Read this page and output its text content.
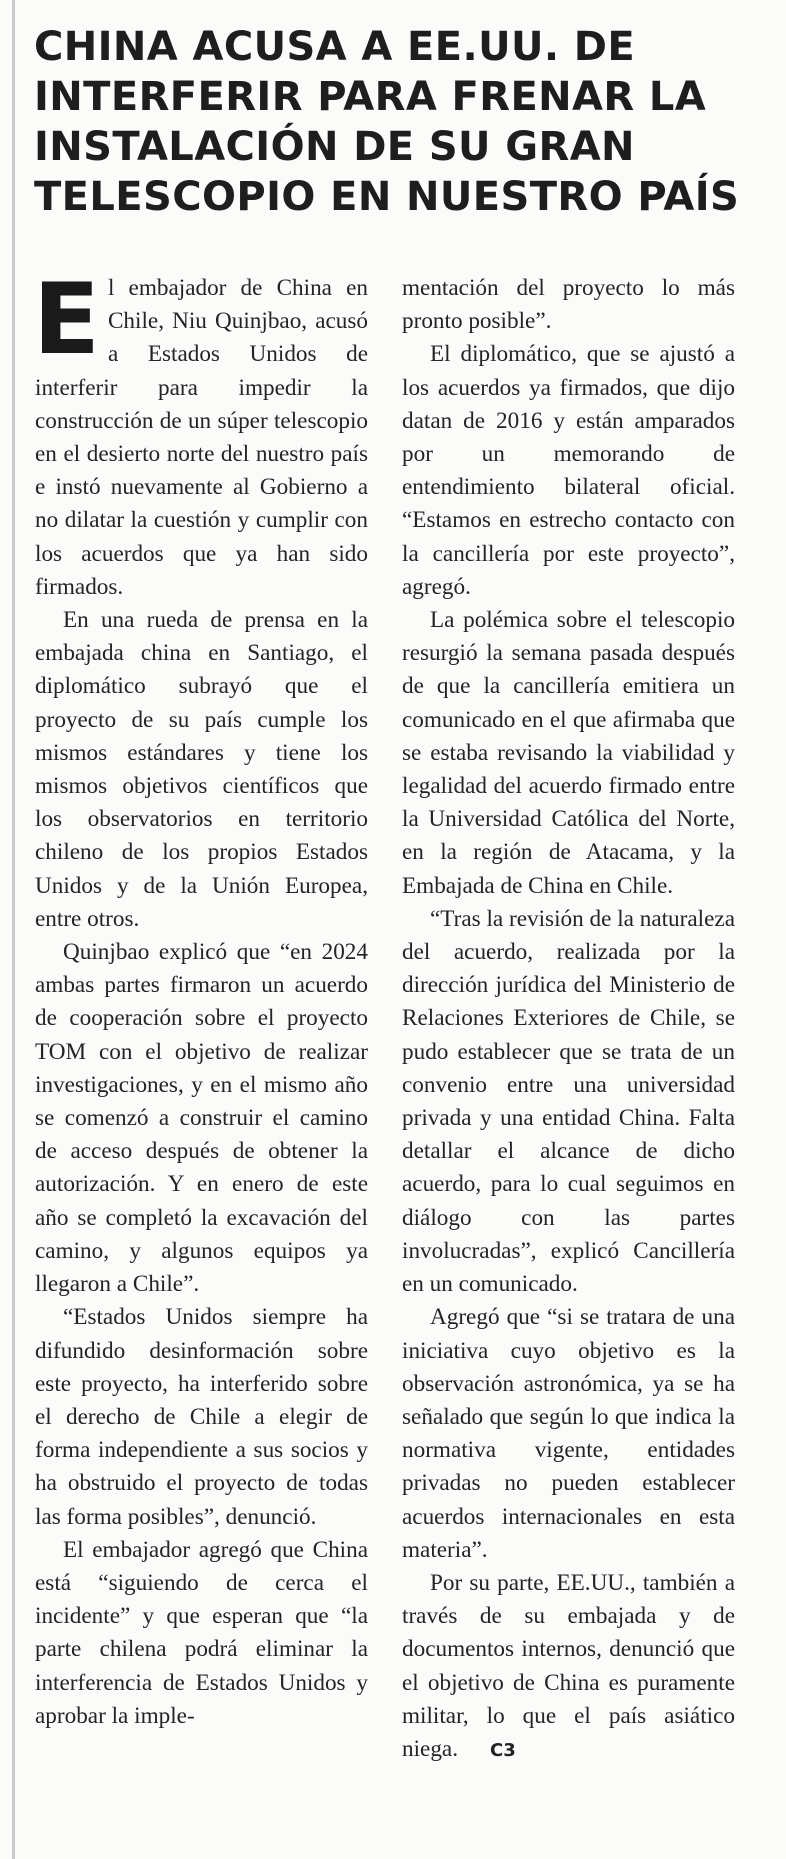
CHINA ACUSA A EE.UU. DE
INTERFERIR PARA FRENAR LA
INSTALACIÓN DE SU GRAN
TELESCOPIO EN NUESTRO PAÍS

El embajador de China en Chile, Niu Quinjbao, acusó a Estados Unidos de interferir para impedir la construcción de un súper telescopio en el desierto norte del nuestro país e instó nuevamente al Gobierno a no dilatar la cuestión y cumplir con los acuerdos que ya han sido firmados.

En una rueda de prensa en la embajada china en Santiago, el diplomático subrayó que el proyecto de su país cumple los mismos estándares y tiene los mismos objetivos científicos que los observatorios en territorio chileno de los propios Estados Unidos y de la Unión Europea, entre otros.

Quinjbao explicó que “en 2024 ambas partes firmaron un acuerdo de cooperación sobre el proyecto TOM con el objetivo de realizar investigaciones, y en el mismo año se comenzó a construir el camino de acceso después de obtener la autorización. Y en enero de este año se completó la excavación del camino, y algunos equipos ya llegaron a Chile”.

“Estados Unidos siempre ha difundido desinformación sobre este proyecto, ha interferido sobre el derecho de Chile a elegir de forma independiente a sus socios y ha obstruido el proyecto de todas las forma posibles”, denunció.

El embajador agregó que China está “siguiendo de cerca el incidente” y que esperan que “la parte chilena podrá eliminar la interferencia de Estados Unidos y aprobar la imple-

mentación del proyecto lo más pronto posible”.

El diplomático, que se ajustó a los acuerdos ya firmados, que dijo datan de 2016 y están amparados por un memorando de entendimiento bilateral oficial. “Estamos en estrecho contacto con la cancillería por este proyecto”, agregó.

La polémica sobre el telescopio resurgió la semana pasada después de que la cancillería emitiera un comunicado en el que afirmaba que se estaba revisando la viabilidad y legalidad del acuerdo firmado entre la Universidad Católica del Norte, en la región de Atacama, y la Embajada de China en Chile.

“Tras la revisión de la naturaleza del acuerdo, realizada por la dirección jurídica del Ministerio de Relaciones Exteriores de Chile, se pudo establecer que se trata de un convenio entre una universidad privada y una entidad China. Falta detallar el alcance de dicho acuerdo, para lo cual seguimos en diálogo con las partes involucradas”, explicó Cancillería en un comunicado.

Agregó que “si se tratara de una iniciativa cuyo objetivo es la observación astronómica, ya se ha señalado que según lo que indica la normativa vigente, entidades privadas no pueden establecer acuerdos internacionales en esta materia”.

Por su parte, EE.UU., también a través de su embajada y de documentos internos, denunció que el objetivo de China es puramente militar, lo que el país asiático niega. C3
